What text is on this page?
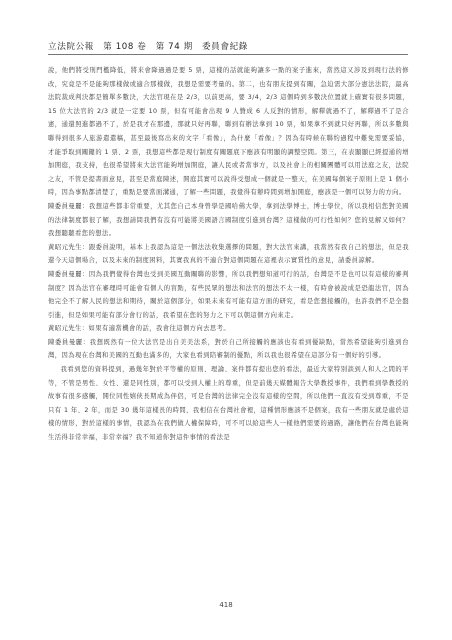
立法院公報　第 108 卷　第 74 期　委員會紀錄

說，他們將受刑門檻降低，將来會降過過是要 5 票，這樣的話就能夠讓多一點的案子進來，當然這又涉及到現行法的修改，究竟是不是能夠那樣做或適合那樣做，我想是需要考量的。第二，也有朋友提到有關，急迫需大部分憲法法院，最高法院裁成判決都是簡單多數決，大法官現在是 2/3，以前更高，要 3/4，2/3 這個時到多數決位置就上確實有很多問題，15 位大法官的 2/3 就是一定要 10 票，但有可能會出現 9 人贊成 6 人反對的情形，解釋就過不了，解釋過不了是合憲，通還照進都過不了，於是我才在那邊，那就只好再聯，聯到有辦法拿到 10 票，如果拿不到就只好再聯，所以多數與聯得到很多人旅游遣遣稿，甚至最後寫出來的文字「看像」，為什麼「看像」？因為有時候在聯約過程中難免需要妥協，才能爭取到關鍵的 1 票、2 票，我想這些都是現行制度有關題底下應該有明顯的調整空間。第三，在表顯顯已經提通的增加開庭，我支持，也很希望將來大法官能夠增加開庭，讓人民或者當事方，以及社會上的相關團體可以用法庭之友，法院之友，不管是提書面意見，甚至是當庭陳述，開庭其實可以說得受想成一個就是一整天，在美國每個案子原則上是 1 個小時，因為事點都清楚了，重點是要當面溝通，了解一些問題，我覺得有辦時間到增加開庭，應該是一個可以努力的方向。

陳委員曼麗：我想這些都非常重要，尤其您自己本身曾學是國哈佛大學，拿到法學博士，博士學位，所以我相信您對美國的法律制度都很了解，我想請問我們有沒有可能將美國語言國制度引進到台灣？這樣做的可行性如何？您的見解又如何？我想聽聽看您的想法。

黃昭元先生：跟委員說明，基本上我認為這是一個法法收集選擇的問題，對大法官來講，我當然有我自己的想法，但是我還今天這個場合，以及未來的制度困料，其實我真的不適合對這個問題在這裡表示實質性的意見，請委員諒解。

陳委員曼麗：因為我們覺得台灣也受到美國互動關聯的影響，所以我們想知道可行的話，台灣是不是也可以有這樣的審判制度？因為法官在審理時可能會有個人的盲點，有些民眾的想法和法官的想法不太一樣，有時會被說成是恐龍法官，因為他完全不了解人民的想法和期待，關於這個部分，如果未來有可能有這方面的研究，看是您想接觸的，也許我們不是全盤引進，但是如果可能有部分會行的話，我希望在您的努力之下可以朝這個方向來走。

黃昭元先生：如果有適當機會的話，我會往這個方向去思考。

陳委員曼麗：我想既然有一位大法官是出自美美法系，對於自己所接觸的應該也有看到優缺點，當然希望能夠引進到台灣，因為現在台灣和美國的互動也滿多的，大家也看到陪審制的優點，所以我也很希望在這部分有一個好的引導。

我看到您的資料提到，過幾年對於平等權的原則、理論、案件都有提出您的看法，最近大家特別談到人和人之間的平等，不管是男性、女性、還是同性別，都可以受到人權上的尊重，但是前幾天媒體報告大學教授事件，我們看到學教授的故事有很多感觸，開位同性嬉俠長期成為伴侶，可是台灣的法律完全沒有這樣的空間，所以他們一直沒有受到尊重，不是只有 1 年、2 年，而是 30 幾年這樣長的時間，我相信在台灣社會裡，這種情形應該不是個案，我有一些朋友就是處於這樣的情形，對於這樣的事情，我認為在我們做人權保障時，可不可以給這些人一樣他們需要的過路，讓他們在台灣也能夠生活得非常幸福，非常幸福？我不知道你對這件事情的看法是

418
